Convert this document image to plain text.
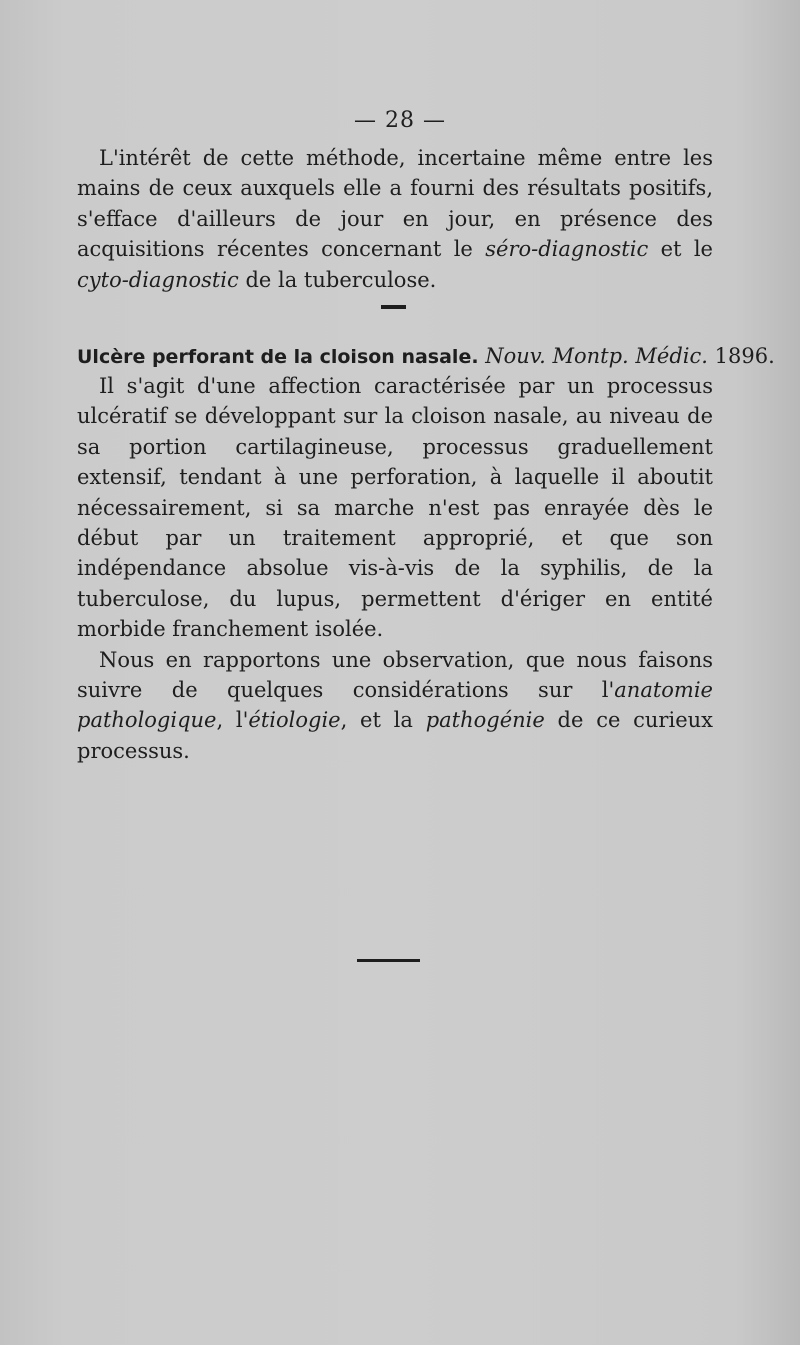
— 28 —

L'intérêt de cette méthode, incertaine même entre les mains de ceux auxquels elle a fourni des résultats positifs, s'efface d'ailleurs de jour en jour, en présence des acquisitions récentes concernant le séro-diagnostic et le cyto-diagnostic de la tuberculose.

Ulcère perforant de la cloison nasale. Nouv. Montp. Médic. 1896.

Il s'agit d'une affection caractérisée par un processus ulcératif se développant sur la cloison nasale, au niveau de sa portion cartilagineuse, processus graduellement extensif, tendant à une perforation, à laquelle il aboutit nécessairement, si sa marche n'est pas enrayée dès le début par un traitement approprié, et que son indépendance absolue vis-à-vis de la syphilis, de la tuberculose, du lupus, permettent d'ériger en entité morbide franchement isolée.

Nous en rapportons une observation, que nous faisons suivre de quelques considérations sur l'anatomie pathologique, l'étiologie, et la pathogénie de ce curieux processus.
